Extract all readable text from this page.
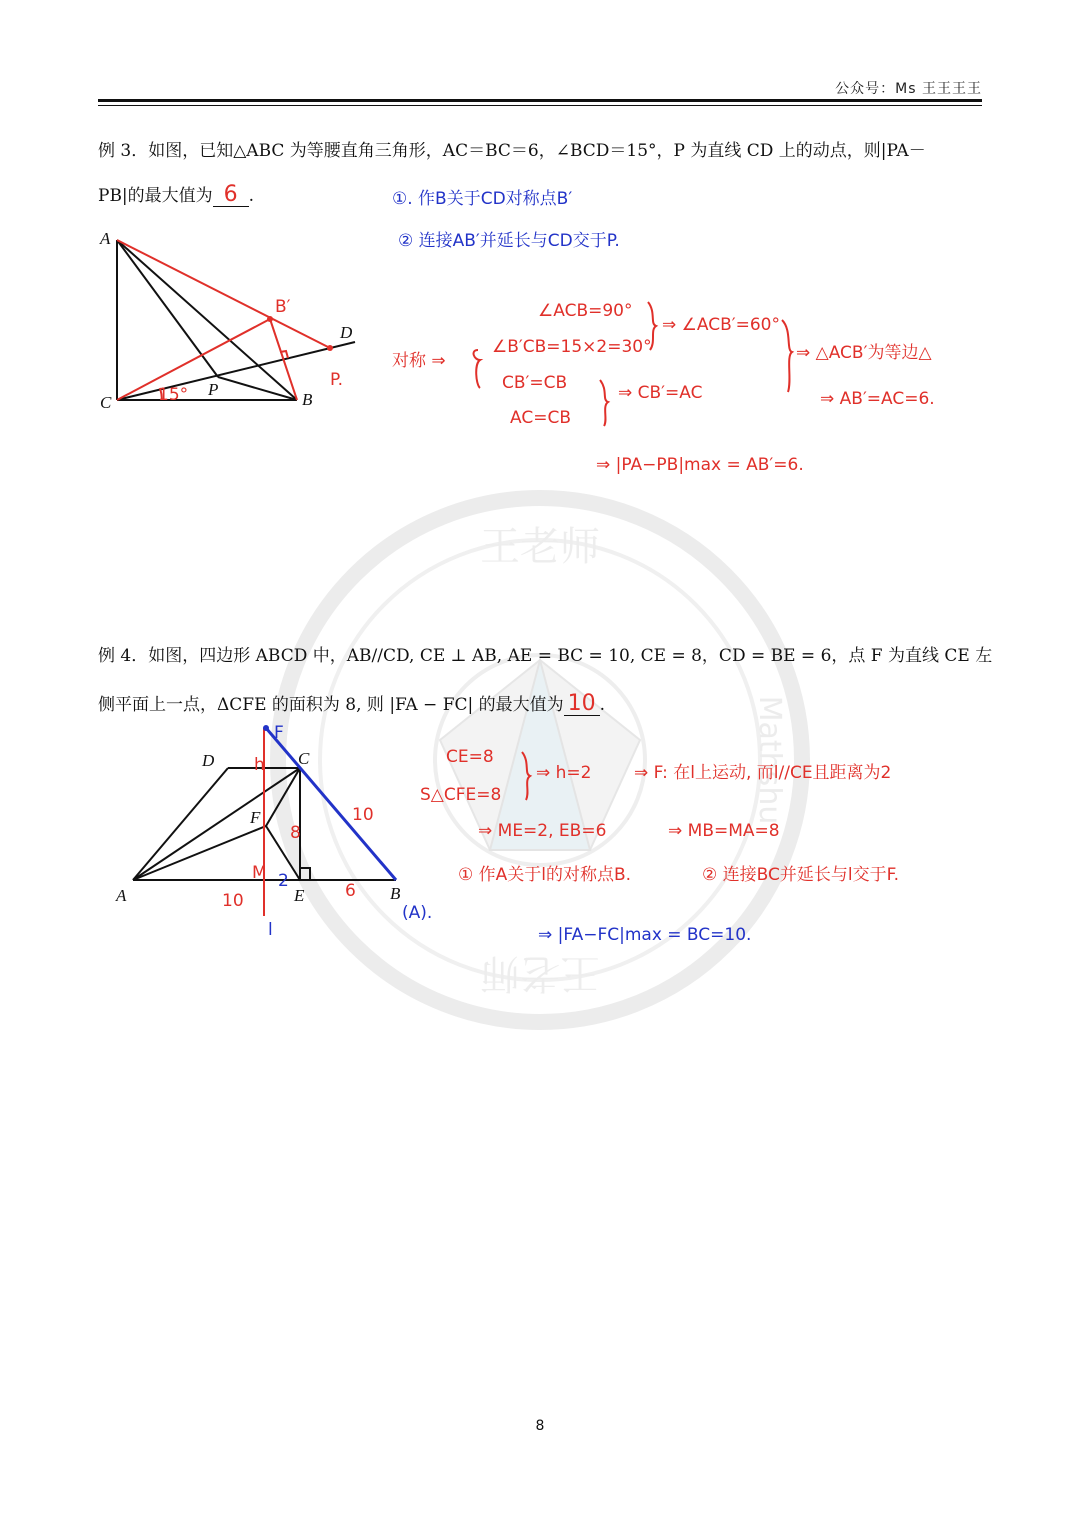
公众号：Ms 王王王王
王老师
王老师
Mathshu
例 3．如图，已知△ABC 为等腰直角三角形，AC＝BC＝6，∠BCD＝15°，P 为直线 CD 上的动点，则|PA－
PB|的最大值为 6 .
A
C	B
D
P
B′
15°
P.
①. 作B关于CD对称点B′
② 连接AB′并延长与CD交于P.
对称 ⇒
∠ACB=90°
∠B′CB=15×2=30°
⇒ ∠ACB′=60°
CB′=CB
AC=CB
⇒ CB′=AC
⇒ △ACB′为等边△
⇒ AB′=AC=6.
⇒ |PA−PB|max = AB′=6.
例 4．如图，四边形 ABCD 中，AB//CD, CE ⊥ AB, AE = BC = 10, CE = 8，CD = BE = 6，点 F 为直线 CE 左
侧平面上一点，ΔCFE 的面积为 8, 则 |FA − FC| 的最大值为 10 .
A
D	C
F
E	B
F
(A).
l
M
h
8
10
10
2	6
CE=8
S△CFE=8
⇒ h=2	⇒ F: 在l上运动, 而l//CE且距离为2
⇒ ME=2, EB=6	⇒ MB=MA=8
① 作A关于l的对称点B.	② 连接BC并延长与l交于F.
⇒ |FA−FC|max = BC=10.
8
